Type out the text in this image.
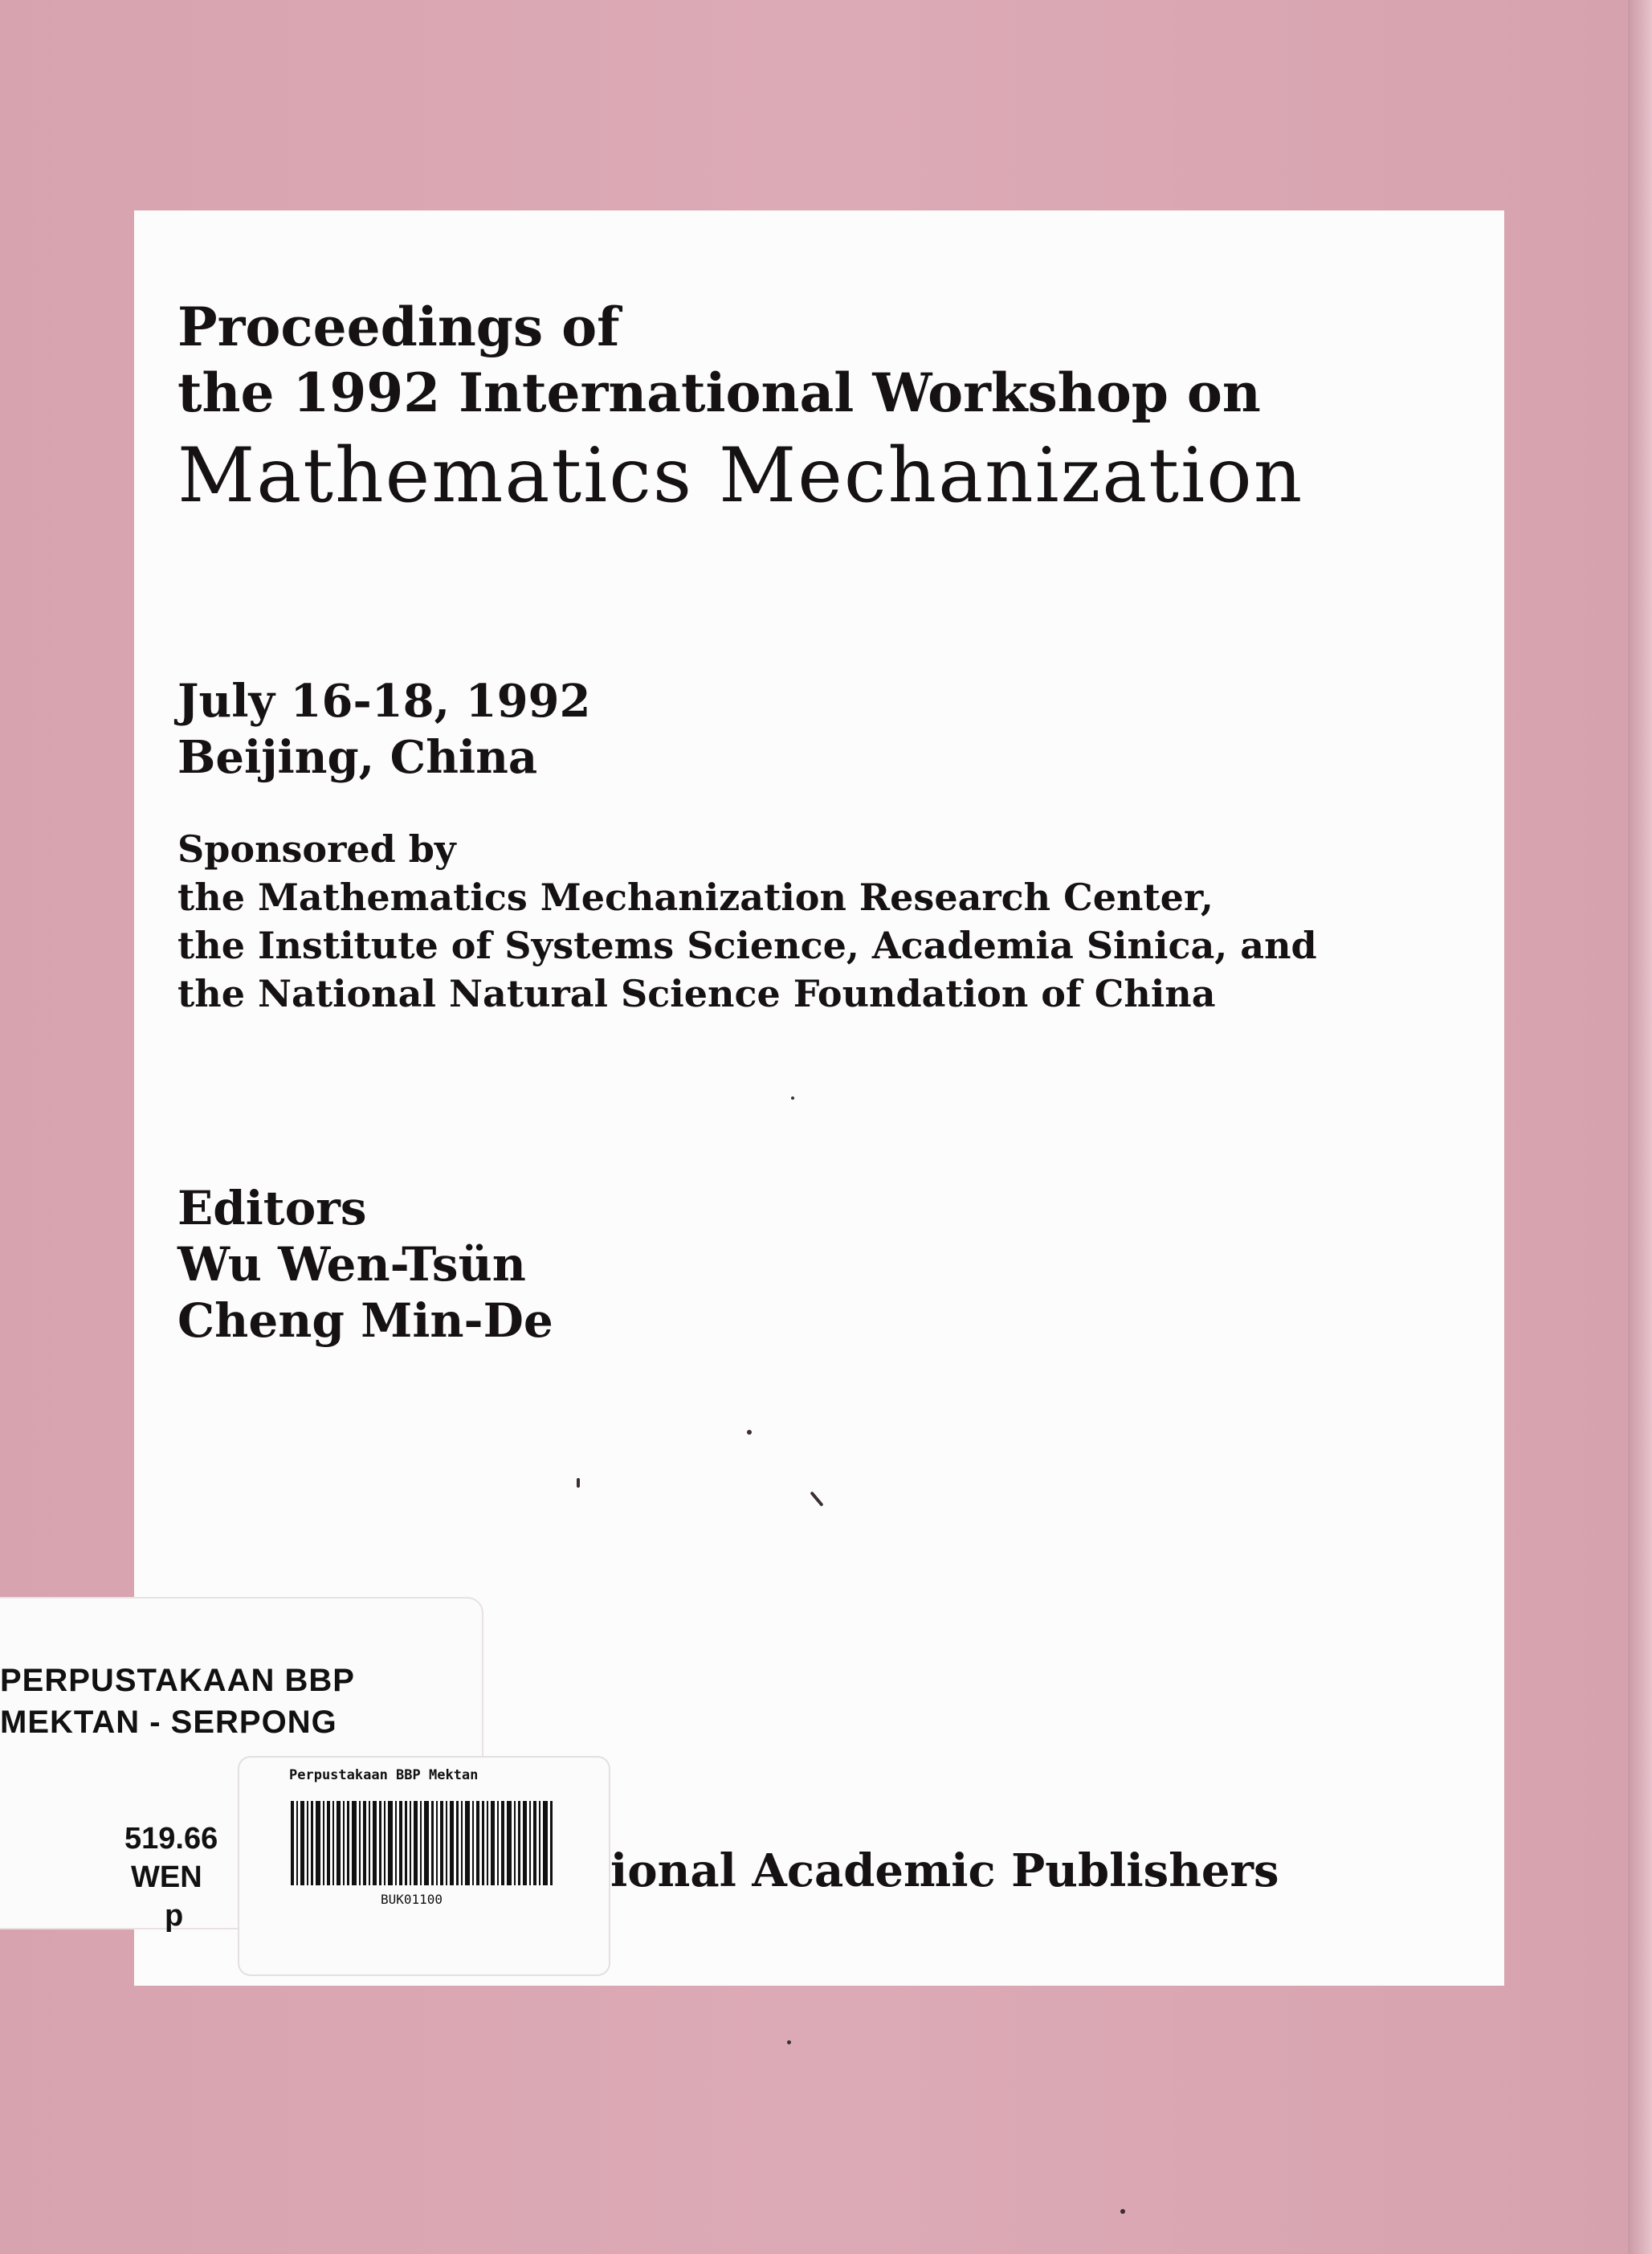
Proceedings of
the 1992 International Workshop on
Mathematics Mechanization
July 16-18, 1992
Beijing, China
Sponsored by
the Mathematics Mechanization Research Center,
the Institute of Systems Science, Academia Sinica, and
the National Natural Science Foundation of China
Editors
Wu Wen-Tsün
Cheng Min-De
ional Academic Publishers
PERPUSTAKAAN BBP
MEKTAN - SERPONG
519.66
WEN
p
Perpustakaan BBP Mektan
BUK01100
